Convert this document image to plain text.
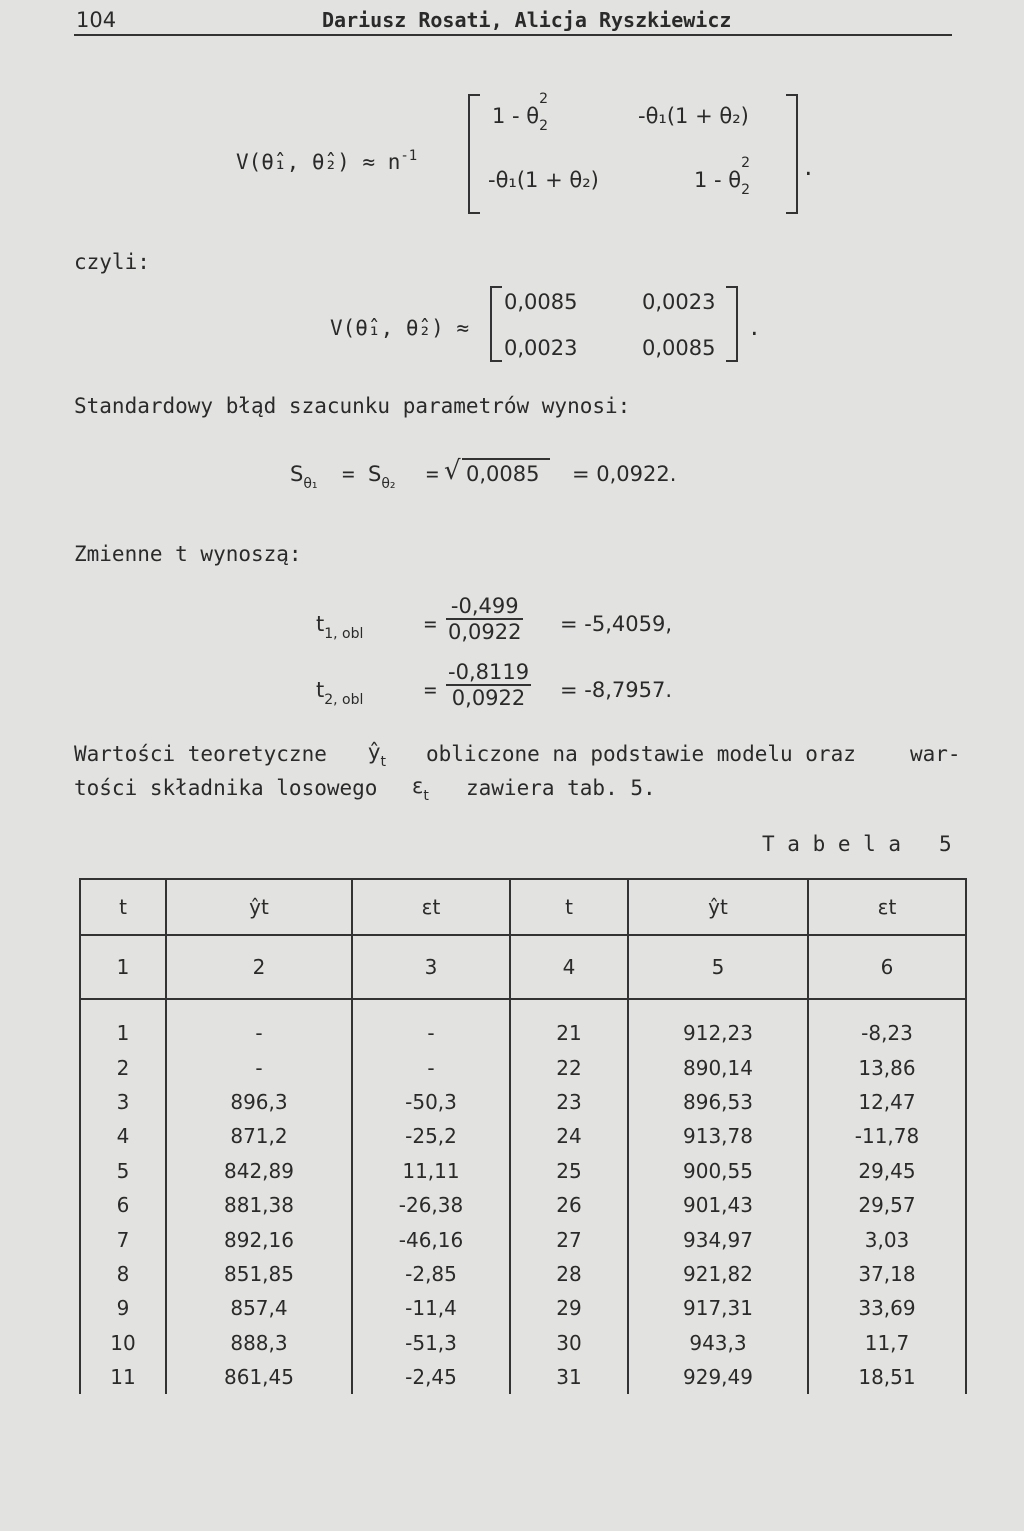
104	Dariusz Rosati, Alicja Ryszkiewicz
V(θ̂₁, θ̂₂) ≈ $n^{-1}$
1 - θ
2
$_2$	-θ₁(1 + θ₂)
-θ₁(1 + θ₂)	1 - θ
2
$_2$
.
czyli:
V(θ̂₁, θ̂₂) ≈
0,0085	0,0023
0,0023	0,0085
.
Standardowy błąd szacunku parametrów wynosi:
$S_{\theta_1} = S_{\theta_2}$ = √ 0,0085 = 0,0922.
Zmienne t wynoszą:
$t_{1, obl}$	= $\frac{-0,499}{0,0922} = -5,4059$,
$t_{2, obl}$	= $\frac{-0,8119}{0,0922} = -8,7957$.
Wartości teoretyczne $ŷ_t$ obliczone na podstawie modelu oraz	war-
tości składnika losowego $\varepsilon_t$ zawiera tab. 5.
T a b e l a   5
t	ŷt	εt	t	ŷt	εt
1	2	3	4	5	6
1	-	-	21	912,23	-8,23
2	-	-	22	890,14	13,86
3	896,3	-50,3	23	896,53	12,47
4	871,2	-25,2	24	913,78	-11,78
5	842,89	11,11	25	900,55	29,45
6	881,38	-26,38	26	901,43	29,57
7	892,16	-46,16	27	934,97	3,03
8	851,85	-2,85	28	921,82	37,18
9	857,4	-11,4	29	917,31	33,69
10	888,3	-51,3	30	943,3	11,7
11	861,45	-2,45	31	929,49	18,51
